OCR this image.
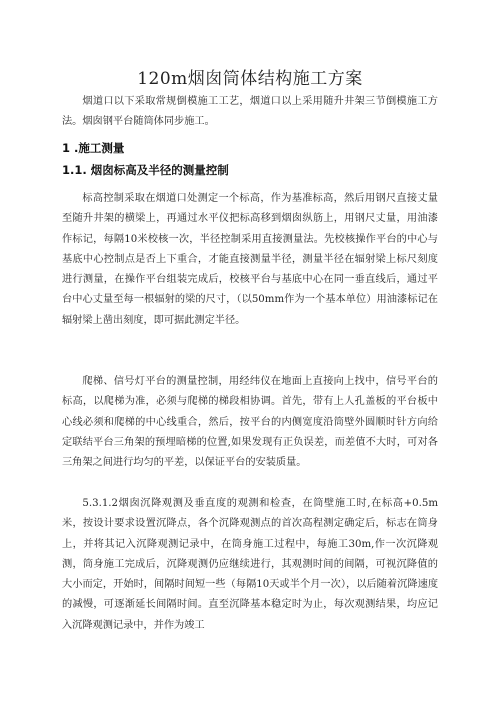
120m烟囱筒体结构施工方案

烟道口以下采取常规倒模施工工艺，烟道口以上采用随升井架三节倒模施工方法。烟囱钢平台随筒体同步施工。

1 .施工测量
1.1. 烟囱标高及半径的测量控制

标高控制采取在烟道口处测定一个标高，作为基准标高，然后用钢尺直接丈量至随升井架的横梁上，再通过水平仪把标高移到烟囱纵筋上，用钢尺丈量，用油漆作标记，每隔10米校核一次，半径控制采用直接测量法。先校核操作平台的中心与基底中心控制点是否上下重合，才能直接测量半径，测量半径在辐射梁上标尺刻度进行测量，在操作平台组装完成后，校核平台与基底中心在同一垂直线后，通过平台中心丈量至每一根辐射的梁的尺寸，（以50mm作为一个基本单位）用油漆标记在辐射梁上凿出刻度，即可据此测定半径。

爬梯、信号灯平台的测量控制，用经纬仪在地面上直接向上找中，信号平台的标高，以爬梯为准，必须与爬梯的梯段相协调。首先，带有上人孔盖板的平台板中心线必须和爬梯的中心线重合，然后，按平台的内侧宽度沿筒壁外圆顺时针方向给定联结平台三角架的预埋暗梯的位置,如果发现有正负误差，而差值不大时，可对各三角架之间进行均匀的平差，以保证平台的安装质量。

5.3.1.2烟囱沉降观测及垂直度的观测和检查，在筒壁施工时,在标高+0.5m米，按设计要求设置沉降点，各个沉降观测点的首次高程测定确定后，标志在筒身上，并将其记入沉降观测记录中，在筒身施工过程中，每施工30m,作一次沉降观测，筒身施工完成后，沉降观测仍应继续进行，其观测时间的间隔，可视沉降值的大小而定，开始时，间隔时间短一些（每隔10天或半个月一次），以后随着沉降速度的减慢，可逐渐延长间隔时间。直至沉降基本稳定时为止，每次观测结果，均应记入沉降观测记录中，并作为竣工
